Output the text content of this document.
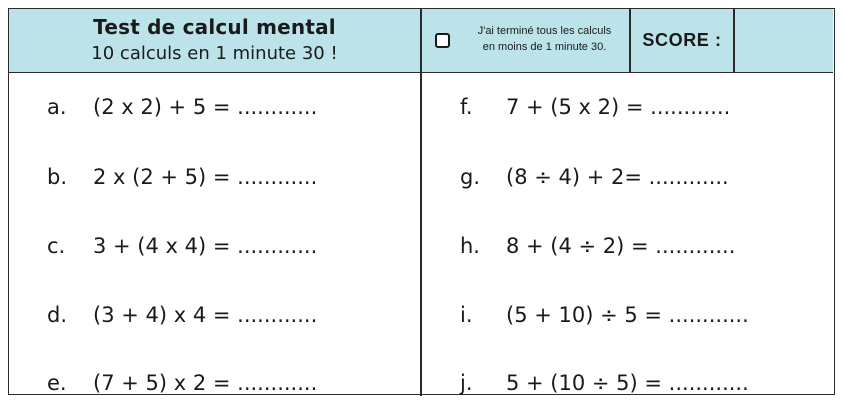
Test de calcul mental
10 calculs en 1 minute 30 !
J'ai terminé tous les calculs
en moins de 1 minute 30.	SCORE :
a. (2 x 2) + 5 = ............
b. 2 x (2 + 5) = ............
c. 3 + (4 x 4) = ............
d. (3 + 4) x 4 = ............
e. (7 + 5) x 2 = ............
f. 7 + (5 x 2) = ............
g. (8 ÷ 4) + 2= ............
h. 8 + (4 ÷ 2) = ............
i. (5 + 10) ÷ 5 = ............
j. 5 + (10 ÷ 5) = ............
